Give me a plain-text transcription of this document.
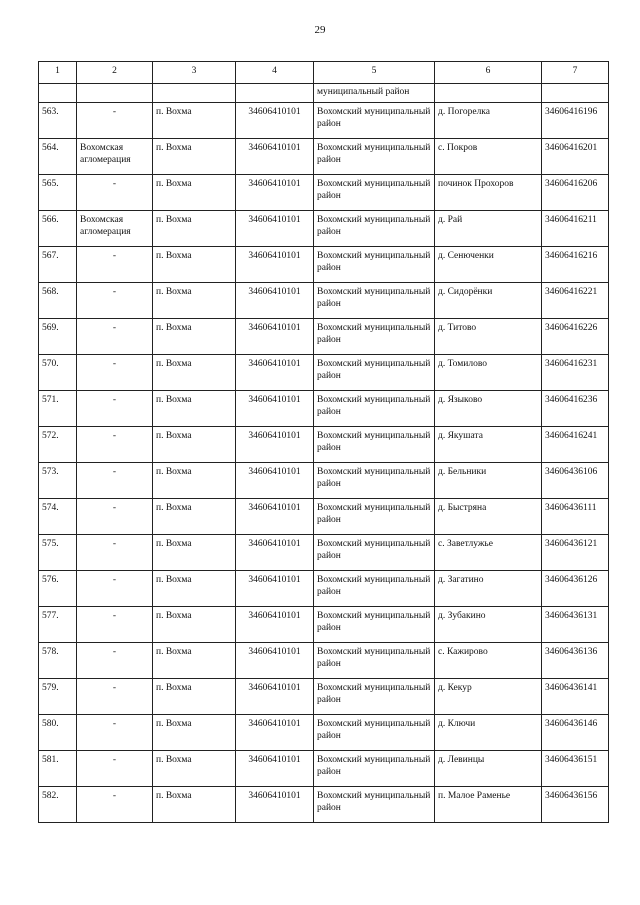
29
1	2	3	4	5	6	7
				муниципальный район		
563.	-	п. Вохма	34606410101	Вохомский муниципальный район	д. Погорелка	34606416196
564.	Вохомская агломерация	п. Вохма	34606410101	Вохомский муниципальный район	с. Покров	34606416201
565.	-	п. Вохма	34606410101	Вохомский муниципальный район	починок Прохоров	34606416206
566.	Вохомская агломерация	п. Вохма	34606410101	Вохомский муниципальный район	д. Рай	34606416211
567.	-	п. Вохма	34606410101	Вохомский муниципальный район	д. Сенюченки	34606416216
568.	-	п. Вохма	34606410101	Вохомский муниципальный район	д. Сидорёнки	34606416221
569.	-	п. Вохма	34606410101	Вохомский муниципальный район	д. Титово	34606416226
570.	-	п. Вохма	34606410101	Вохомский муниципальный район	д. Томилово	34606416231
571.	-	п. Вохма	34606410101	Вохомский муниципальный район	д. Языково	34606416236
572.	-	п. Вохма	34606410101	Вохомский муниципальный район	д. Якушата	34606416241
573.	-	п. Вохма	34606410101	Вохомский муниципальный район	д. Бельники	34606436106
574.	-	п. Вохма	34606410101	Вохомский муниципальный район	д. Быстряна	34606436111
575.	-	п. Вохма	34606410101	Вохомский муниципальный район	с. Заветлужье	34606436121
576.	-	п. Вохма	34606410101	Вохомский муниципальный район	д. Загатино	34606436126
577.	-	п. Вохма	34606410101	Вохомский муниципальный район	д. Зубакино	34606436131
578.	-	п. Вохма	34606410101	Вохомский муниципальный район	с. Кажирово	34606436136
579.	-	п. Вохма	34606410101	Вохомский муниципальный район	д. Кекур	34606436141
580.	-	п. Вохма	34606410101	Вохомский муниципальный район	д. Ключи	34606436146
581.	-	п. Вохма	34606410101	Вохомский муниципальный район	д. Левинцы	34606436151
582.	-	п. Вохма	34606410101	Вохомский муниципальный район	п. Малое Раменье	34606436156
